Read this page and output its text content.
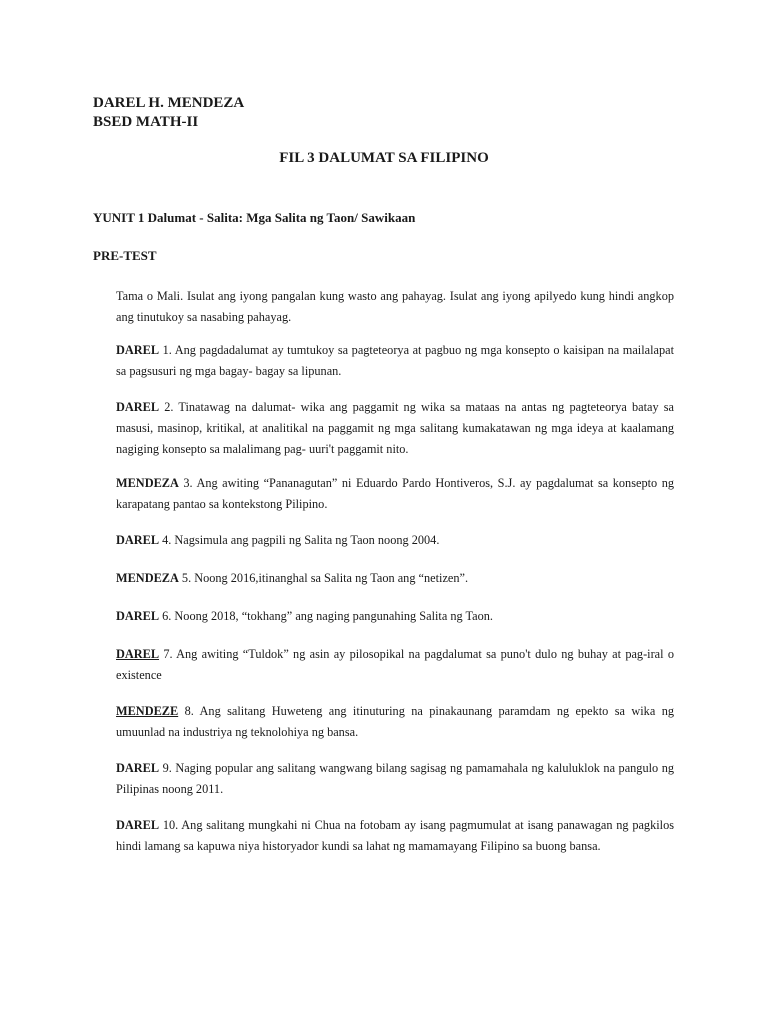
DAREL H. MENDEZA
BSED MATH-II
FIL 3 DALUMAT SA FILIPINO
YUNIT 1 Dalumat - Salita: Mga Salita ng Taon/ Sawikaan
PRE-TEST
Tama o Mali. Isulat ang iyong pangalan kung wasto ang pahayag. Isulat ang iyong apilyedo kung hindi angkop ang tinutukoy sa nasabing pahayag.
DAREL 1. Ang pagdadalumat ay tumtukoy sa pagteteorya at pagbuo ng mga konsepto o kaisipan na mailalapat sa pagsusuri ng mga bagay- bagay sa lipunan.
DAREL 2. Tinatawag na dalumat- wika ang paggamit ng wika sa mataas na antas ng pagteteorya batay sa masusi, masinop, kritikal, at analitikal na paggamit ng mga salitang kumakatawan ng mga ideya at kaalamang nagiging konsepto sa malalimang pag- uuri't paggamit nito.
MENDEZA 3. Ang awiting “Pananagutan” ni Eduardo Pardo Hontiveros, S.J. ay pagdalumat sa konsepto ng karapatang pantao sa kontekstong Pilipino.
DAREL 4. Nagsimula ang pagpili ng Salita ng Taon noong 2004.
MENDEZA 5. Noong 2016,itinanghal sa Salita ng Taon ang “netizen”.
DAREL 6. Noong 2018, “tokhang” ang naging pangunahing Salita ng Taon.
DAREL 7. Ang awiting “Tuldok” ng asin ay pilosopikal na pagdalumat sa puno't dulo ng buhay at pag-iral o existence
MENDEZE 8. Ang salitang Huweteng ang itinuturing na pinakaunang paramdam ng epekto sa wika ng umuunlad na industriya ng teknolohiya ng bansa.
DAREL 9. Naging popular ang salitang wangwang bilang sagisag ng pamamahala ng kaluluklok na pangulo ng Pilipinas noong 2011.
DAREL 10. Ang salitang mungkahi ni Chua na fotobam ay isang pagmumulat at isang panawagan ng pagkilos hindi lamang sa kapuwa niya historyador kundi sa lahat ng mamamayang Filipino sa buong bansa.
